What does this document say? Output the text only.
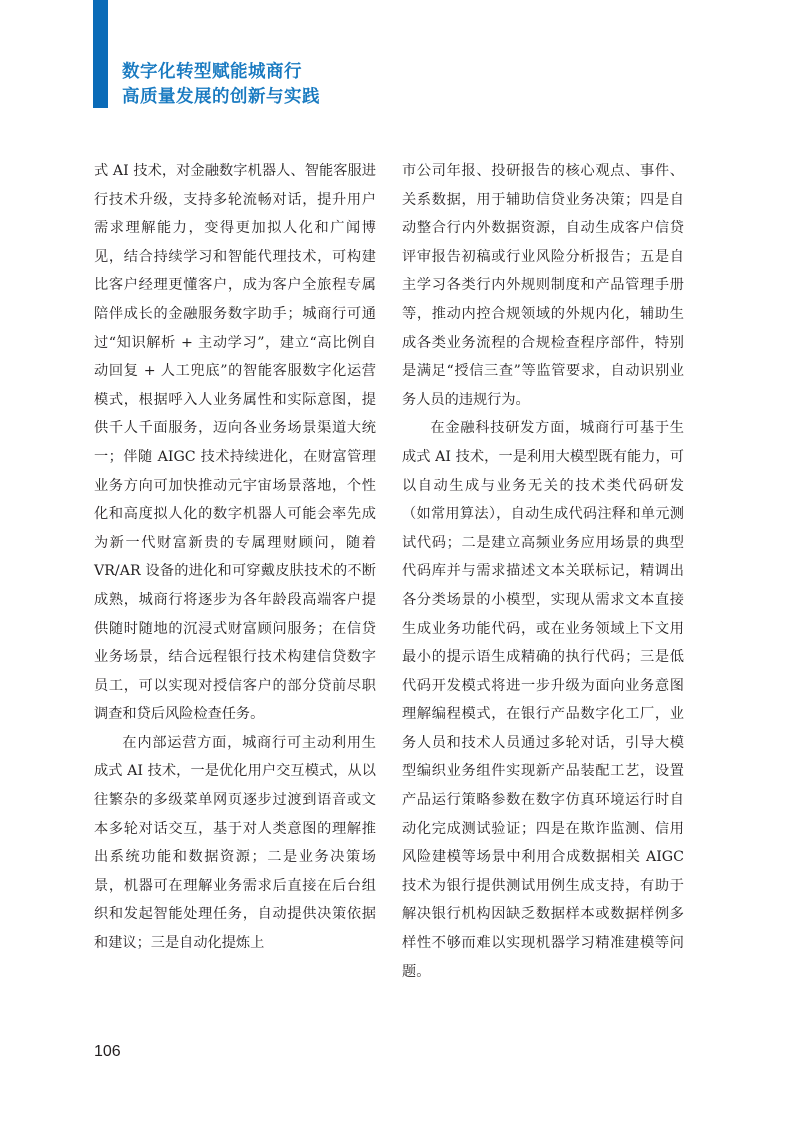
数字化转型赋能城商行
高质量发展的创新与实践

式 AI 技术，对金融数字机器人、智能客服进行技术升级，支持多轮流畅对话，提升用户需求理解能力，变得更加拟人化和广闻博见，结合持续学习和智能代理技术，可构建比客户经理更懂客户，成为客户全旅程专属陪伴成长的金融服务数字助手；城商行可通过“知识解析 + 主动学习”，建立“高比例自动回复 + 人工兜底”的智能客服数字化运营模式，根据呼入人业务属性和实际意图，提供千人千面服务，迈向各业务场景渠道大统一；伴随 AIGC 技术持续进化，在财富管理业务方向可加快推动元宇宙场景落地，个性化和高度拟人化的数字机器人可能会率先成为新一代财富新贵的专属理财顾问，随着 VR/AR 设备的进化和可穿戴皮肤技术的不断成熟，城商行将逐步为各年龄段高端客户提供随时随地的沉浸式财富顾问服务；在信贷业务场景，结合远程银行技术构建信贷数字员工，可以实现对授信客户的部分贷前尽职调查和贷后风险检查任务。

在内部运营方面，城商行可主动利用生成式 AI 技术，一是优化用户交互模式，从以往繁杂的多级菜单网页逐步过渡到语音或文本多轮对话交互，基于对人类意图的理解推出系统功能和数据资源；二是业务决策场景，机器可在理解业务需求后直接在后台组织和发起智能处理任务，自动提供决策依据和建议；三是自动化提炼上

市公司年报、投研报告的核心观点、事件、关系数据，用于辅助信贷业务决策；四是自动整合行内外数据资源，自动生成客户信贷评审报告初稿或行业风险分析报告；五是自主学习各类行内外规则制度和产品管理手册等，推动内控合规领域的外规内化，辅助生成各类业务流程的合规检查程序部件，特别是满足“授信三查”等监管要求，自动识别业务人员的违规行为。

在金融科技研发方面，城商行可基于生成式 AI 技术，一是利用大模型既有能力，可以自动生成与业务无关的技术类代码研发（如常用算法），自动生成代码注释和单元测试代码；二是建立高频业务应用场景的典型代码库并与需求描述文本关联标记，精调出各分类场景的小模型，实现从需求文本直接生成业务功能代码，或在业务领域上下文用最小的提示语生成精确的执行代码；三是低代码开发模式将进一步升级为面向业务意图理解编程模式，在银行产品数字化工厂，业务人员和技术人员通过多轮对话，引导大模型编织业务组件实现新产品装配工艺，设置产品运行策略参数在数字仿真环境运行时自动化完成测试验证；四是在欺诈监测、信用风险建模等场景中利用合成数据相关 AIGC 技术为银行提供测试用例生成支持，有助于解决银行机构因缺乏数据样本或数据样例多样性不够而难以实现机器学习精准建模等问题。

106
